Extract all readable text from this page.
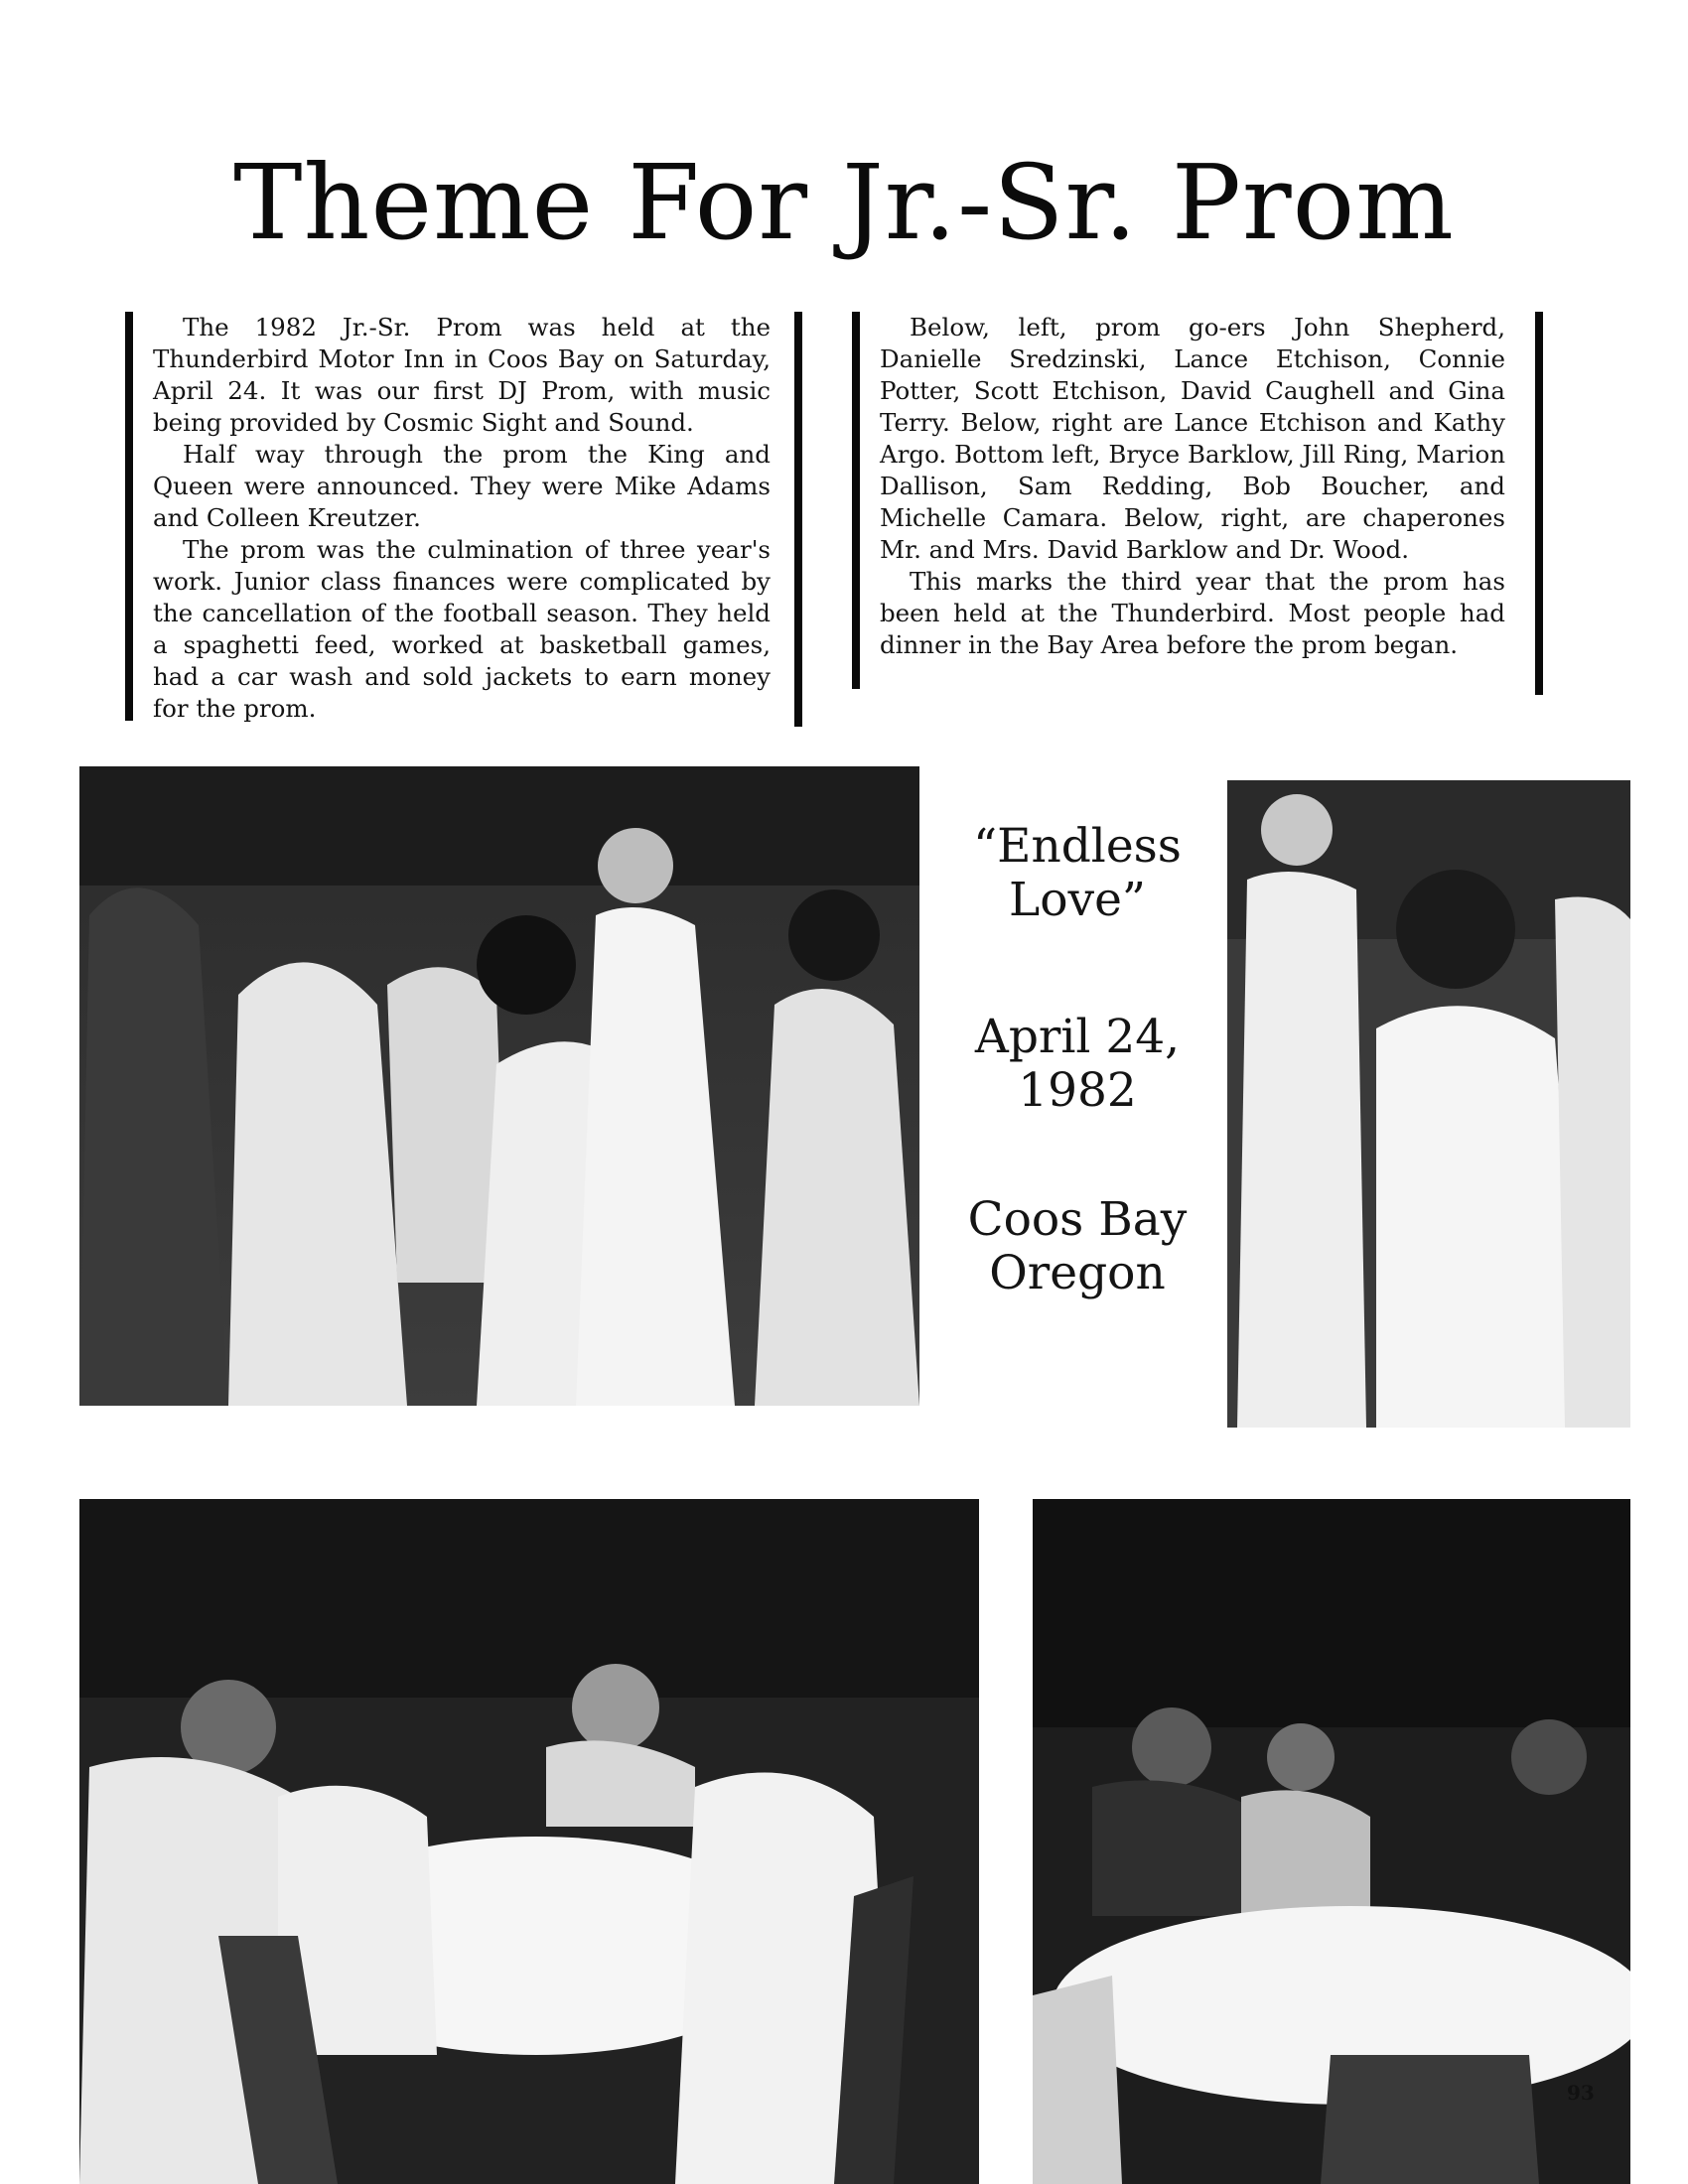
Theme For Jr.-Sr. Prom

The 1982 Jr.-Sr. Prom was held at the Thunderbird Motor Inn in Coos Bay on Saturday, April 24. It was our first DJ Prom, with music being provided by Cosmic Sight and Sound.

Half way through the prom the King and Queen were announced. They were Mike Adams and Colleen Kreutzer.

The prom was the culmination of three year's work. Junior class finances were complicated by the cancellation of the football season. They held a spaghetti feed, worked at basketball games, had a car wash and sold jackets to earn money for the prom.

Below, left, prom go-ers John Shepherd, Danielle Sredzinski, Lance Etchison, Connie Potter, Scott Etchison, David Caughell and Gina Terry. Below, right are Lance Etchison and Kathy Argo. Bottom left, Bryce Barklow, Jill Ring, Marion Dallison, Sam Redding, Bob Boucher, and Michelle Camara. Below, right, are chaperones Mr. and Mrs. David Barklow and Dr. Wood.

This marks the third year that the prom has been held at the Thunderbird. Most people had dinner in the Bay Area before the prom began.

“Endless
Love”
April 24,
1982
Coos Bay
Oregon
93
